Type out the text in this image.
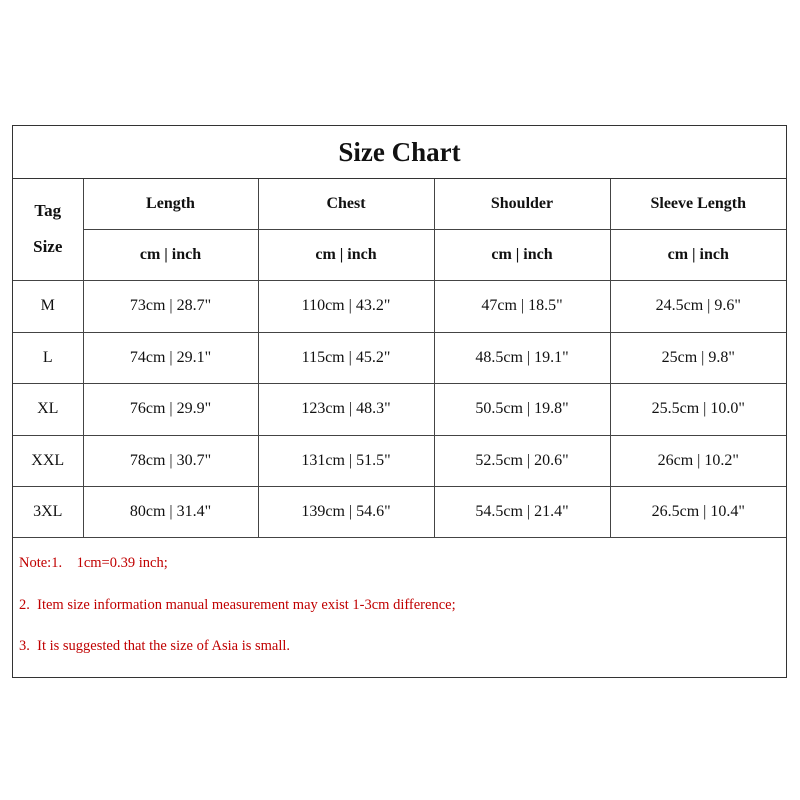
Size Chart
Tag
Size	Length	Chest	Shoulder	Sleeve Length
	cm | inch	cm | inch	cm | inch	cm | inch
M	73cm | 28.7"	110cm | 43.2"	47cm | 18.5"	24.5cm | 9.6"
L	74cm | 29.1"	115cm | 45.2"	48.5cm | 19.1"	25cm | 9.8"
XL	76cm | 29.9"	123cm | 48.3"	50.5cm | 19.8"	25.5cm | 10.0"
XXL	78cm | 30.7"	131cm | 51.5"	52.5cm | 20.6"	26cm | 10.2"
3XL	80cm | 31.4"	139cm | 54.6"	54.5cm | 21.4"	26.5cm | 10.4"
Note:1.    1cm=0.39 inch;
2.  Item size information manual measurement may exist 1-3cm difference;
3.  It is suggested that the size of Asia is small.
